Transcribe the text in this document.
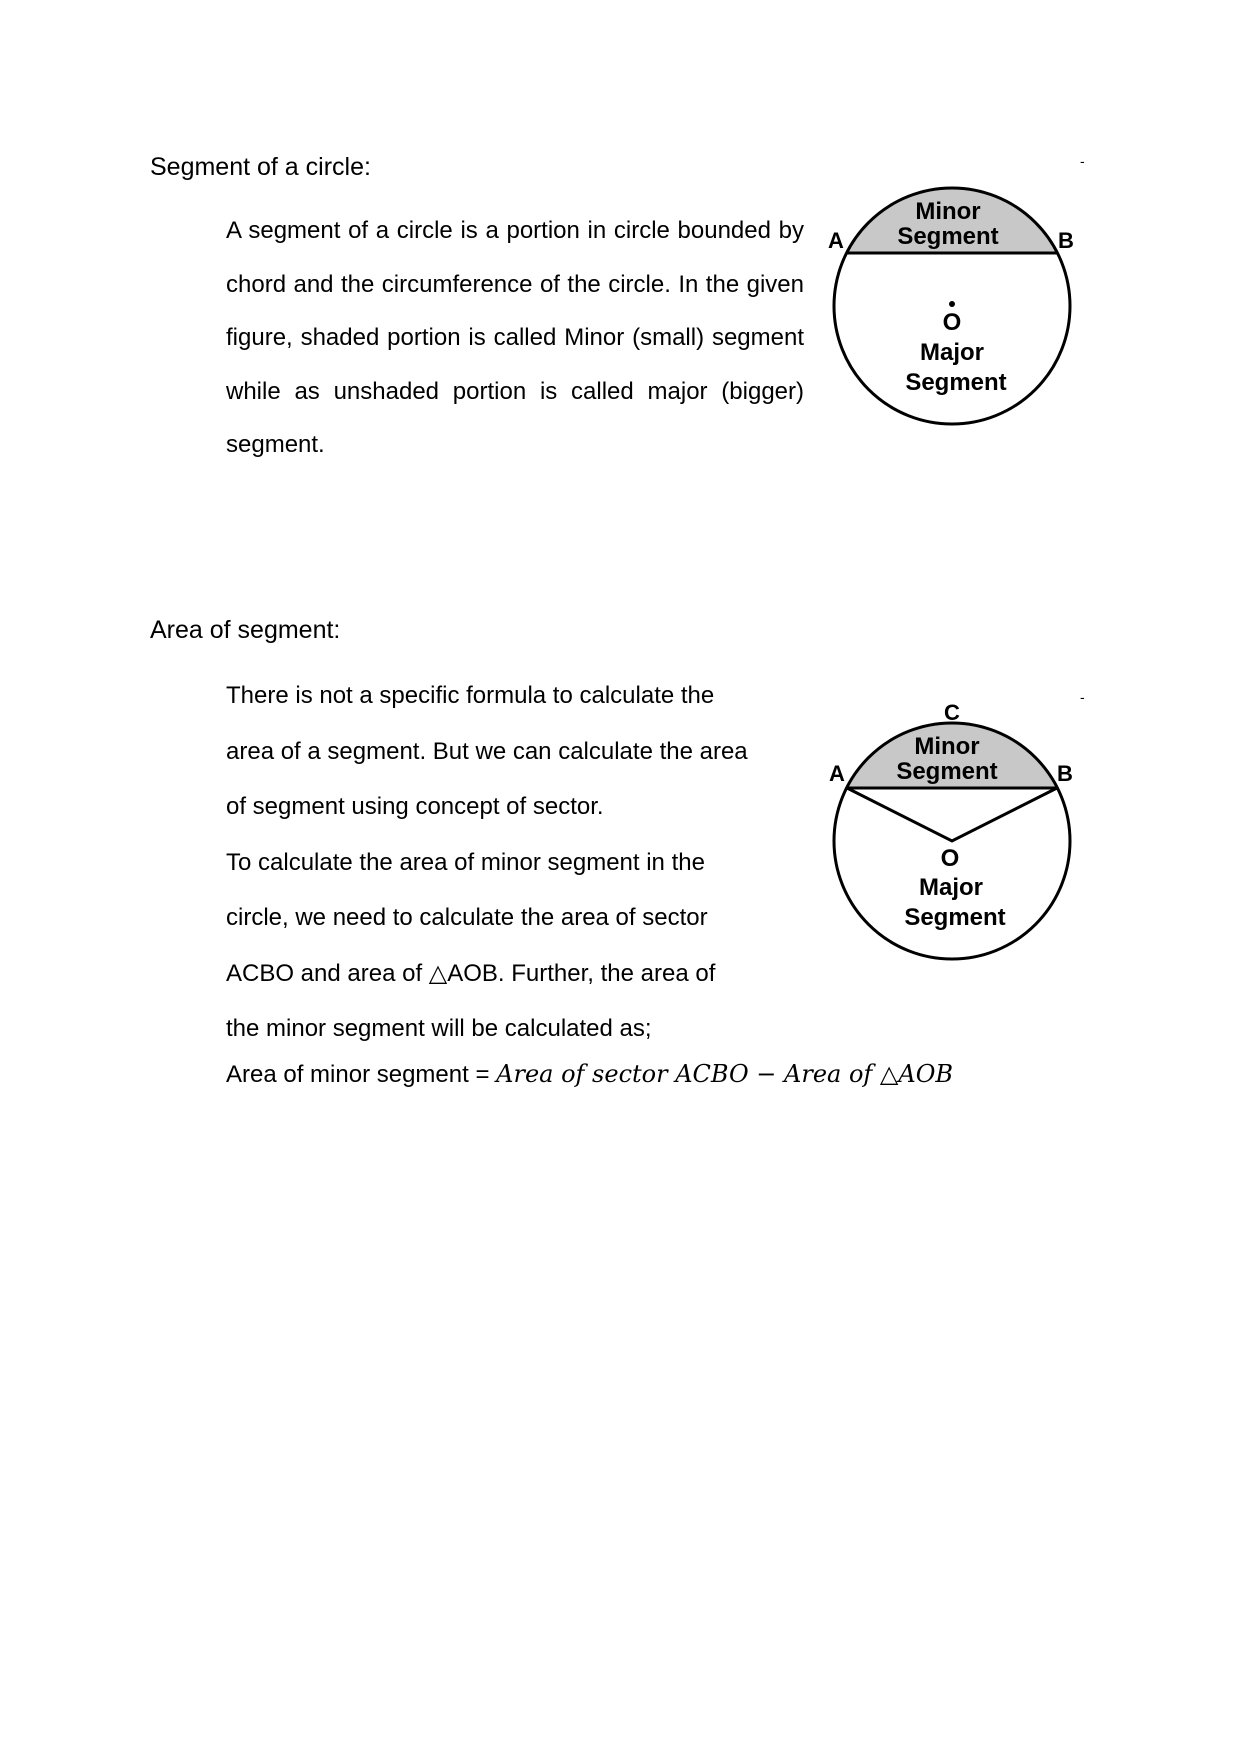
Segment of a circle:

A segment of a circle is a portion in circle bounded by chord and the circumference of the circle. In the given figure, shaded portion is called Minor (small) segment while as unshaded portion is called major (bigger) segment.

-
A	B
O
Minor
Segment
Major
Segment
Area of segment:
There is not a specific formula to calculate the
area of a segment. But we can calculate the area
of segment using concept of sector.
To calculate the area of minor segment in the
circle, we need to calculate the area of sector
ACBO and area of △AOB. Further, the area of
the minor segment will be calculated as;

Area of minor segment = Area of sector ACBO − Area of △AOB

-
C
A	B
O
Minor
Segment
Major
Segment
